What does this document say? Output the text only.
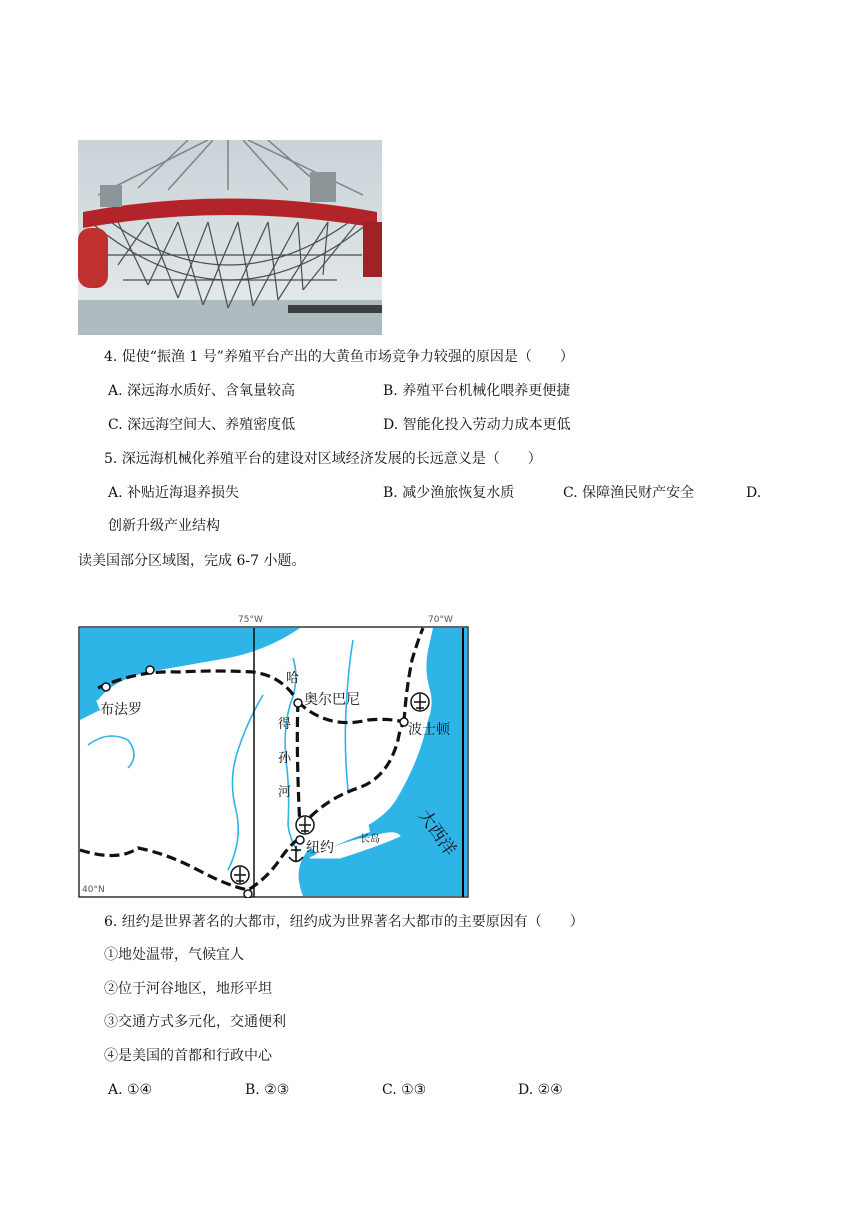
4. 促使“振渔 1 号”养殖平台产出的大黄鱼市场竞争力较强的原因是（　　）
A. 深远海水质好、含氧量较高	B. 养殖平台机械化喂养更便捷
C. 深远海空间大、养殖密度低	D. 智能化投入劳动力成本更低
5. 深远海机械化养殖平台的建设对区域经济发展的长远意义是（　　）
A. 补贴近海退养损失	B. 减少渔旅恢复水质	C. 保障渔民财产安全	D.
创新升级产业结构
读美国部分区域图，完成 6-7 小题。
75°W	70°W
布法罗
奥尔巴尼
波士顿
纽约
哈
得
孙
河
长岛 大西洋
40°N
6. 纽约是世界著名的大都市，纽约成为世界著名大都市的主要原因有（　　）
①地处温带，气候宜人
②位于河谷地区，地形平坦
③交通方式多元化，交通便利
④是美国的首都和行政中心
A. ①④	B. ②③	C. ①③	D. ②④
